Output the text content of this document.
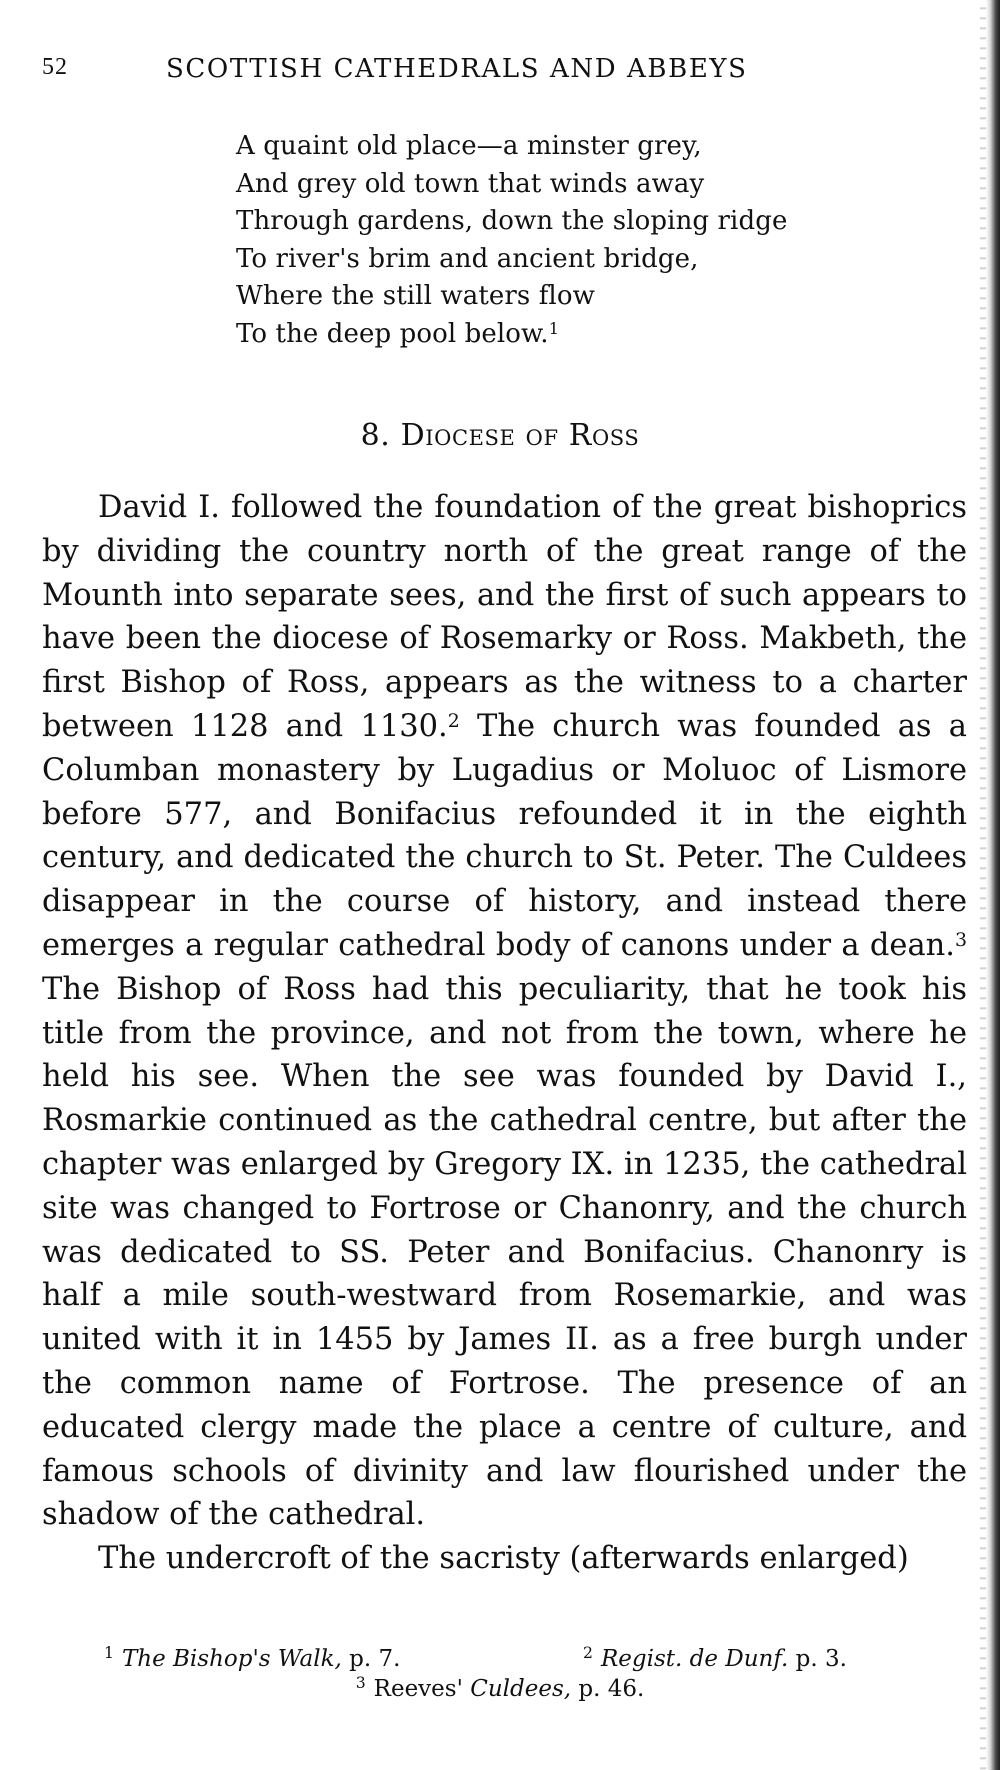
52	SCOTTISH CATHEDRALS AND ABBEYS
A quaint old place—a minster grey,
And grey old town that winds away
Through gardens, down the sloping ridge
To river's brim and ancient bridge,
Where the still waters flow
To the deep pool below.$^1$
8. Diocese of Ross

David I. followed the foundation of the great bishoprics by dividing the country north of the great range of the Mounth into separate sees, and the first of such appears to have been the diocese of Rosemarky or Ross. Makbeth, the first Bishop of Ross, appears as the witness to a charter between 1128 and 1130.$^2$ The church was founded as a Columban monastery by Lugadius or Moluoc of Lismore before 577, and Bonifacius refounded it in the eighth century, and dedicated the church to St. Peter. The Culdees disappear in the course of history, and instead there emerges a regular cathedral body of canons under a dean.$^3$ The Bishop of Ross had this peculiarity, that he took his title from the province, and not from the town, where he held his see. When the see was founded by David I., Rosmarkie continued as the cathedral centre, but after the chapter was enlarged by Gregory IX. in 1235, the cathedral site was changed to Fortrose or Chanonry, and the church was dedicated to SS. Peter and Bonifacius. Chanonry is half a mile south-westward from Rosemarkie, and was united with it in 1455 by James II. as a free burgh under the common name of Fortrose. The presence of an educated clergy made the place a centre of culture, and famous schools of divinity and law flourished under the shadow of the cathedral.

The undercroft of the sacristy (afterwards enlarged)

$^1$ The Bishop's Walk, p. 7.	$^2$ Regist. de Dunf. p. 3.
$^3$ Reeves' Culdees, p. 46.
